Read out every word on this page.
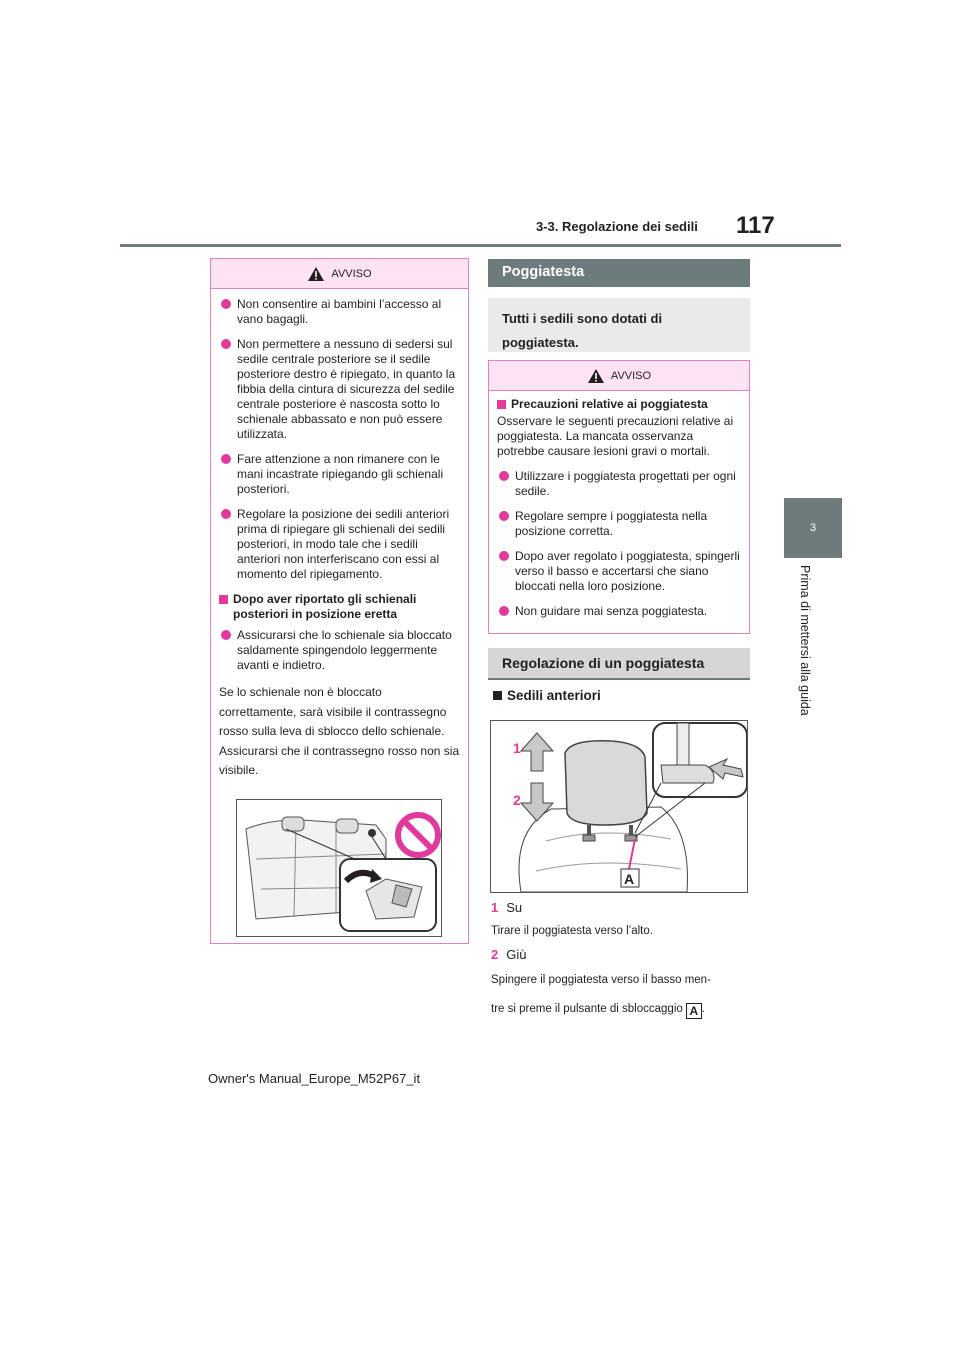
3-3. Regolazione dei sedili 117
3
Prima di mettersi alla guida
AVVISO
Non consentire ai bambini l’accesso al vano bagagli.
Non permettere a nessuno di sedersi sul sedile centrale posteriore se il sedile posteriore destro è ripiegato, in quanto la fibbia della cintura di sicurezza del sedile centrale posteriore è nascosta sotto lo schienale abbassato e non può essere utilizzata.
Fare attenzione a non rimanere con le mani incastrate ripiegando gli schienali posteriori.
Regolare la posizione dei sedili anteriori prima di ripiegare gli schienali dei sedili posteriori, in modo tale che i sedili anteriori non interferiscano con essi al momento del ripiegamento.
Dopo aver riportato gli schienali posteriori in posizione eretta
Assicurarsi che lo schienale sia bloccato saldamente spingendolo leggermente avanti e indietro.
Se lo schienale non è bloccato correttamente, sarà visibile il contrassegno rosso sulla leva di sblocco dello schienale. Assicurarsi che il contrassegno rosso non sia visibile.
Poggiatesta
Tutti i sedili sono dotati di poggiatesta.
AVVISO
Precauzioni relative ai poggiatesta
Osservare le seguenti precauzioni relative ai poggiatesta. La mancata osservanza potrebbe causare lesioni gravi o mortali.
Utilizzare i poggiatesta progettati per ogni sedile.
Regolare sempre i poggiatesta nella posizione corretta.
Dopo aver regolato i poggiatesta, spingerli verso il basso e accertarsi che siano bloccati nella loro posizione.
Non guidare mai senza poggiatesta.
Regolazione di un poggiatesta
Sedili anteriori
1
2
A
1 Su
Tirare il poggiatesta verso l’alto.
2 Giù
Spingere il poggiatesta verso il basso men-
tre si preme il pulsante di sbloccaggio A .
Owner's Manual_Europe_M52P67_it
